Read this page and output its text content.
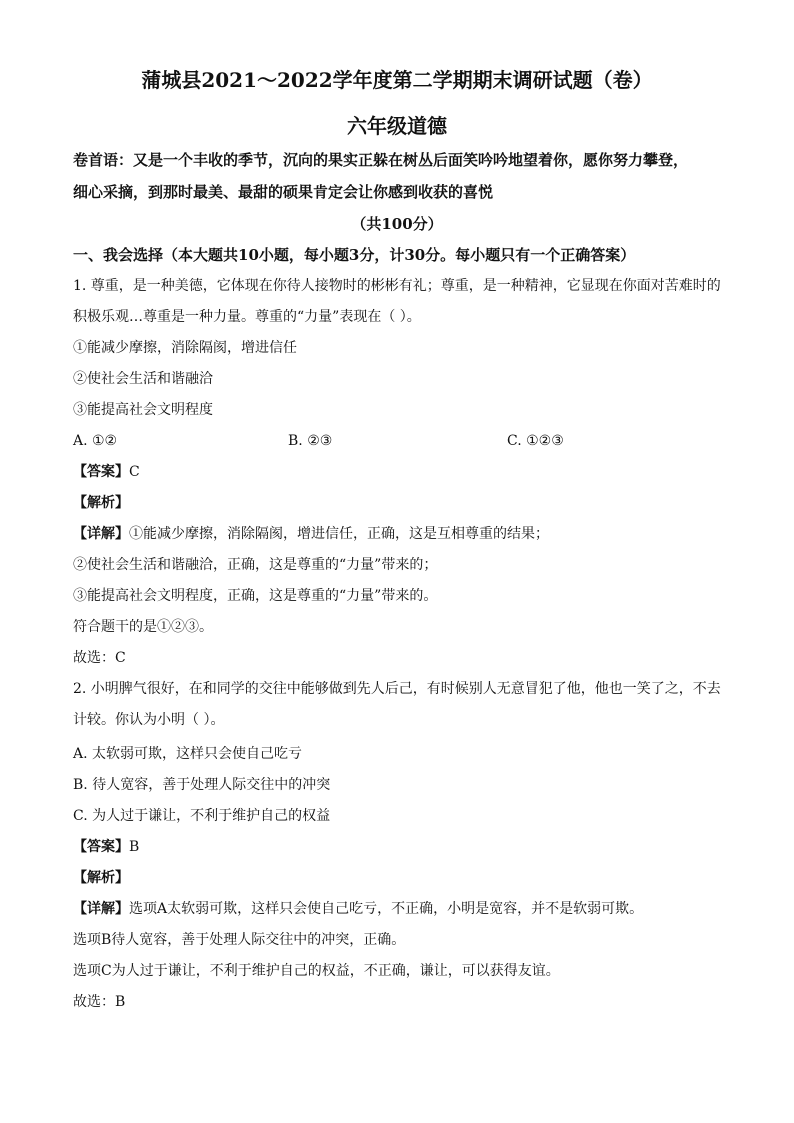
蒲城县2021～2022学年度第二学期期末调研试题（卷）
六年级道德
卷首语：又是一个丰收的季节，沉向的果实正躲在树丛后面笑吟吟地望着你，愿你努力攀登，
细心采摘，到那时最美、最甜的硕果肯定会让你感到收获的喜悦
（共100分）
一、我会选择（本大题共10小题，每小题3分，计30分。每小题只有一个正确答案）
1. 尊重，是一种美德，它体现在你待人接物时的彬彬有礼；尊重，是一种精神，它显现在你面对苦难时的
积极乐观…尊重是一种力量。尊重的“力量”表现在（ ）。
①能减少摩擦，消除隔阂，增进信任
②使社会生活和谐融洽
③能提高社会文明程度
A. ①②	B. ②③	C. ①②③
【答案】C
【解析】
【详解】①能减少摩擦，消除隔阂，增进信任，正确，这是互相尊重的结果；
②使社会生活和谐融洽，正确，这是尊重的“力量”带来的；
③能提高社会文明程度，正确，这是尊重的“力量”带来的。
符合题干的是①②③。
故选：C
2. 小明脾气很好，在和同学的交往中能够做到先人后己，有时候别人无意冒犯了他，他也一笑了之，不去
计较。你认为小明（ ）。
A. 太软弱可欺，这样只会使自己吃亏
B. 待人宽容，善于处理人际交往中的冲突
C. 为人过于谦让，不利于维护自己的权益
【答案】B
【解析】
【详解】选项A太软弱可欺，这样只会使自己吃亏，不正确，小明是宽容，并不是软弱可欺。
选项B待人宽容，善于处理人际交往中的冲突，正确。
选项C为人过于谦让，不利于维护自己的权益，不正确，谦让，可以获得友谊。
故选：B
